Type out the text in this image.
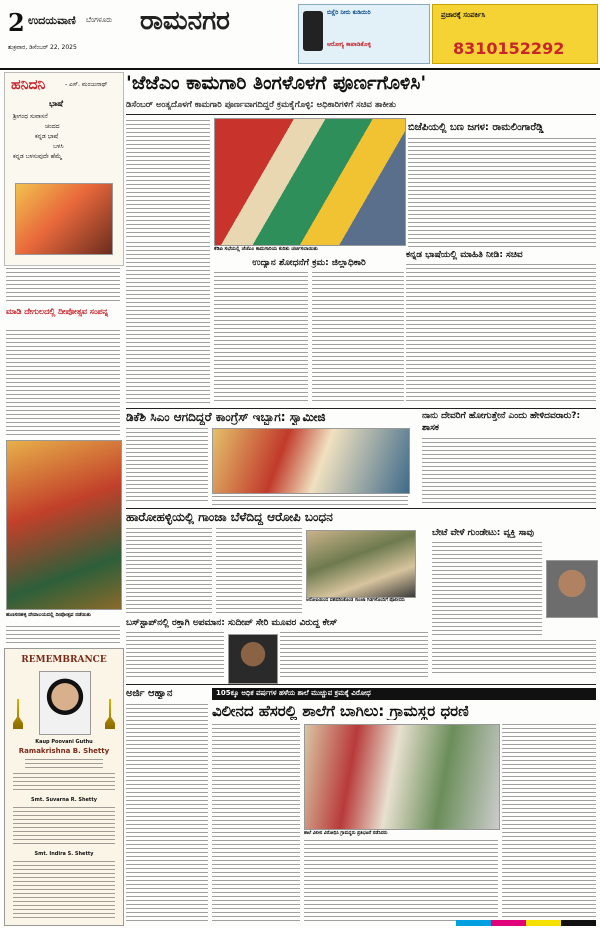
2 ಉದಯವಾಣಿ ಬೆಂಗಳೂರು
ಶುಕ್ರವಾರ, ಡಿಸೆಂಬರ್ 22, 2025
ರಾಮನಗರ	ಬಿಸ್ಲೆರಿ ನೀರು ಕುಡಿಯಿರಿ
ಆರೋಗ್ಯ ಕಾಪಾಡಿಕೊಳ್ಳಿ
ಪ್ರಚಾರಕ್ಕೆ ಸಂಪರ್ಕಿಸಿ
8310152292
ಹನಿದನಿ	- ಎಸ್. ಮಂಜುನಾಥ್
ಭಾಷೆ
ಶ್ರೀಗಂಧ ಸುವಾಸನೆ
ಚಂದದ
ಕನ್ನಡ ಭಾಷೆ
ಬಳಸಿ
ಕನ್ನಡ ಬಳಸುವುದೇ ಹೆಮ್ಮೆ
ಮಾಡಿ ದೇಗುಲದಲ್ಲಿ ದೀಪೋತ್ಸವ ಸಂಪನ್ನ
ಹುಣಸನಹಳ್ಳಿ ದೇವಾಲಯದಲ್ಲಿ ದೀಪೋತ್ಸವ ನಡೆಯಿತು
REMEMBRANCE
Kaup Poovani Guthu
Ramakrishna B. Shetty
Smt. Suvarna R. Shetty
Smt. Indira S. Shetty
'ಜೆಜೆಎಂ ಕಾಮಗಾರಿ ತಿಂಗಳೊಳಗೆ ಪೂರ್ಣಗೊಳಿಸಿ'
ಡಿಸೆಂಬರ್ ಅಂತ್ಯದೊಳಗೆ ಕಾಮಗಾರಿ ಪೂರ್ಣವಾಗದಿದ್ದರೆ ಕ್ರಮಕೈಗೊಳ್ಳಿ: ಅಧಿಕಾರಿಗಳಿಗೆ ಸಚಿವ ತಾಕೀತು
ಕೆಡಿಪಿ ಸಭೆಯಲ್ಲಿ ಜೆಜೆಎಂ ಕಾಮಗಾರಿಯ ಕುರಿತು ಚರ್ಚಿಸಲಾಯಿತು
ಉದ್ಯಾನ ಶೋಧನೆಗೆ ಕ್ರಮ: ಜಿಲ್ಲಾಧಿಕಾರಿ
ಬಿಜೆಪಿಯಲ್ಲಿ ಬಣ ಜಗಳ: ರಾಮಲಿಂಗಾರೆಡ್ಡಿ
ಕನ್ನಡ ಭಾಷೆಯಲ್ಲಿ ಮಾಹಿತಿ ನೀಡಿ: ಸಚಿವ
ಡಿಕೆಶಿ ಸಿಎಂ ಆಗದಿದ್ದರೆ ಕಾಂಗ್ರೆಸ್ ಇಬ್ಭಾಗ: ಸ್ವಾಮೀಜಿ	ನಾನು ದೇವರಿಗೆ ಹೋಗುತ್ತೇನೆ ಎಂದು ಹೇಳಿದವರಾರು?: ಶಾಸಕ
ಹಾರೋಹಳ್ಳಿಯಲ್ಲಿ ಗಾಂಜಾ ಬೆಳೆದಿದ್ದ ಆರೋಪಿ ಬಂಧನ
ಆರೋಪಿಯಿಂದ ವಶಪಡಿಸಿಕೊಂಡ ಗಾಂಜಾ ಗಿಡಗಳೊಂದಿಗೆ ಪೊಲೀಸರು
ಬೇಟೆ ವೇಳೆ ಗುಂಡೇಟು: ವ್ಯಕ್ತಿ ಸಾವು
ಬಸ್‌ಸ್ಟಾಪ್‌ನಲ್ಲಿ ರಕ್ತಾಗಿ ಅಪಮಾನ: ಸುದೀಪ್ ಸೇರಿ ಮೂವರ ವಿರುದ್ಧ ಕೇಸ್
ಅರ್ಜಿ ಆಹ್ವಾನ	105ಕ್ಕೂ ಅಧಿಕ ವರ್ಷಗಳ ಹಳೆಯ ಶಾಲೆ ಮುಚ್ಚುವ ಕ್ರಮಕ್ಕೆ ವಿರೋಧ
ವಿಲೀನದ ಹೆಸರಲ್ಲಿ ಶಾಲೆಗೆ ಬಾಗಿಲು: ಗ್ರಾಮಸ್ಥರ ಧರಣಿ
ಶಾಲೆ ವಿಲೀನ ವಿರೋಧಿಸಿ ಗ್ರಾಮಸ್ಥರು ಪ್ರತಿಭಟನೆ ನಡೆಸಿದರು
